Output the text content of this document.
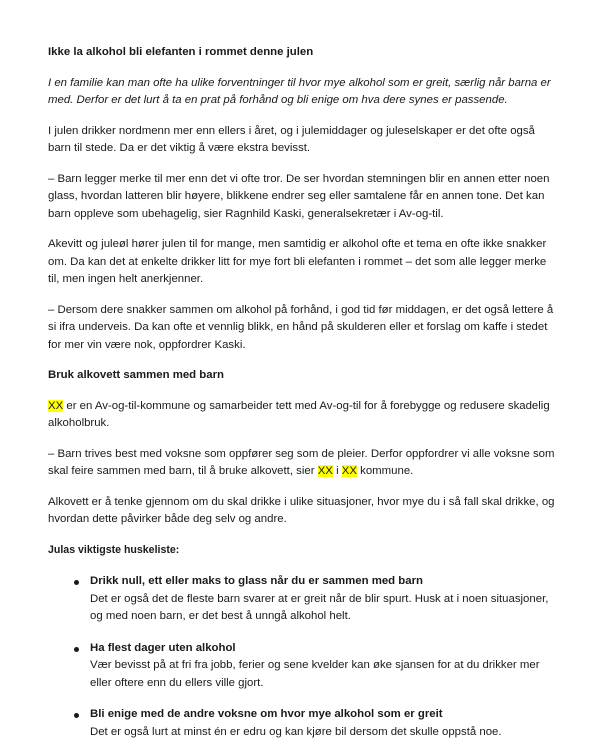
Ikke la alkohol bli elefanten i rommet denne julen

I en familie kan man ofte ha ulike forventninger til hvor mye alkohol som er greit, særlig når barna er med. Derfor er det lurt å ta en prat på forhånd og bli enige om hva dere synes er passende.

I julen drikker nordmenn mer enn ellers i året, og i julemiddager og juleselskaper er det ofte også barn til stede. Da er det viktig å være ekstra bevisst.

– Barn legger merke til mer enn det vi ofte tror. De ser hvordan stemningen blir en annen etter noen glass, hvordan latteren blir høyere, blikkene endrer seg eller samtalene får en annen tone. Det kan barn oppleve som ubehagelig, sier Ragnhild Kaski, generalsekretær i Av-og-til.

Akevitt og juleøl hører julen til for mange, men samtidig er alkohol ofte et tema en ofte ikke snakker om. Da kan det at enkelte drikker litt for mye fort bli elefanten i rommet – det som alle legger merke til, men ingen helt anerkjenner.

– Dersom dere snakker sammen om alkohol på forhånd, i god tid før middagen, er det også lettere å si ifra underveis. Da kan ofte et vennlig blikk, en hånd på skulderen eller et forslag om kaffe i stedet for mer vin være nok, oppfordrer Kaski.

Bruk alkovett sammen med barn

XX er en Av-og-til-kommune og samarbeider tett med Av-og-til for å forebygge og redusere skadelig alkoholbruk.

– Barn trives best med voksne som oppfører seg som de pleier. Derfor oppfordrer vi alle voksne som skal feire sammen med barn, til å bruke alkovett, sier XX i XX kommune.

Alkovett er å tenke gjennom om du skal drikke i ulike situasjoner, hvor mye du i så fall skal drikke, og hvordan dette påvirker både deg selv og andre.

Julas viktigste huskeliste:

Drikk null, ett eller maks to glass når du er sammen med barn
Det er også det de fleste barn svarer at er greit når de blir spurt. Husk at i noen situasjoner, og med noen barn, er det best å unngå alkohol helt.
Ha flest dager uten alkohol
Vær bevisst på at fri fra jobb, ferier og sene kvelder kan øke sjansen for at du drikker mer eller oftere enn du ellers ville gjort.
Bli enige med de andre voksne om hvor mye alkohol som er greit
Det er også lurt at minst én er edru og kan kjøre bil dersom det skulle oppstå noe.
